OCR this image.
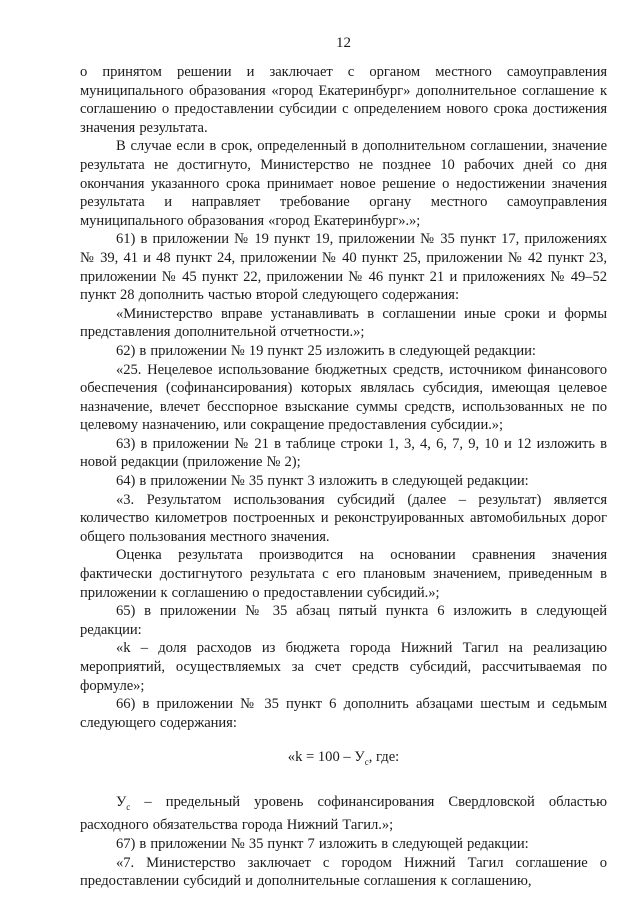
12

о принятом решении и заключает с органом местного самоуправления муниципального образования «город Екатеринбург» дополнительное соглашение к соглашению о предоставлении субсидии с определением нового срока достижения значения результата.

В случае если в срок, определенный в дополнительном соглашении, значение результата не достигнуто, Министерство не позднее 10 рабочих дней со дня окончания указанного срока принимает новое решение о недостижении значения результата и направляет требование органу местного самоуправления муниципального образования «город Екатеринбург».»;

61) в приложении № 19 пункт 19, приложении № 35 пункт 17, приложениях № 39, 41 и 48 пункт 24, приложении № 40 пункт 25, приложении № 42 пункт 23, приложении № 45 пункт 22, приложении № 46 пункт 21 и приложениях № 49–52 пункт 28 дополнить частью второй следующего содержания:

«Министерство вправе устанавливать в соглашении иные сроки и формы представления дополнительной отчетности.»;

62) в приложении № 19 пункт 25 изложить в следующей редакции:

«25. Нецелевое использование бюджетных средств, источником финансового обеспечения (софинансирования) которых являлась субсидия, имеющая целевое назначение, влечет бесспорное взыскание суммы средств, использованных не по целевому назначению, или сокращение предоставления субсидии.»;

63) в приложении № 21 в таблице строки 1, 3, 4, 6, 7, 9, 10 и 12 изложить в новой редакции (приложение № 2);

64) в приложении № 35 пункт 3 изложить в следующей редакции:

«3. Результатом использования субсидий (далее – результат) является количество километров построенных и реконструированных автомобильных дорог общего пользования местного значения.

Оценка результата производится на основании сравнения значения фактически достигнутого результата с его плановым значением, приведенным в приложении к соглашению о предоставлении субсидий.»;

65) в приложении № 35 абзац пятый пункта 6 изложить в следующей редакции:

«k – доля расходов из бюджета города Нижний Тагил на реализацию мероприятий, осуществляемых за счет средств субсидий, рассчитываемая по формуле»;

66) в приложении № 35 пункт 6 дополнить абзацами шестым и седьмым следующего содержания:

«$k = 100 - У_с$, где:

$У_с$ – предельный уровень софинансирования Свердловской областью расходного обязательства города Нижний Тагил.»;

67) в приложении № 35 пункт 7 изложить в следующей редакции:

«7. Министерство заключает с городом Нижний Тагил соглашение о предоставлении субсидий и дополнительные соглашения к соглашению,
